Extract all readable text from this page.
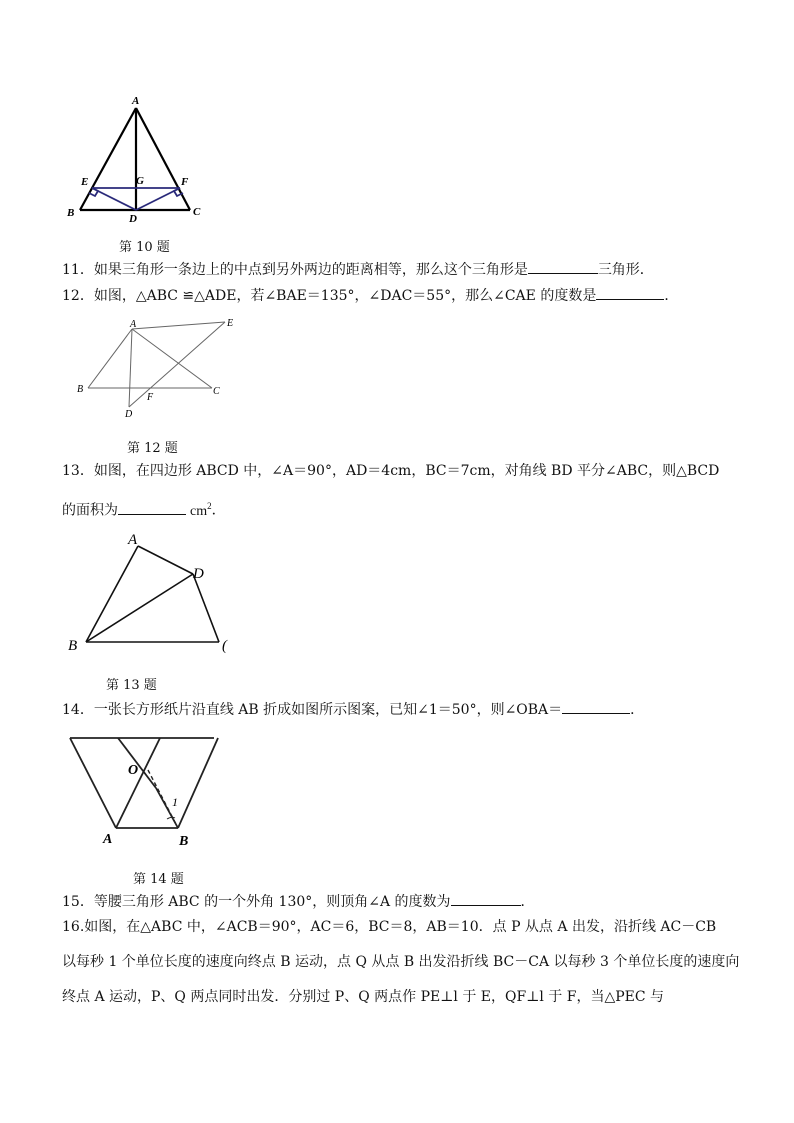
A
E	G	F
B	D
C
第 10 题
11．如果三角形一条边上的中点到另外两边的距离相等，那么这个三角形是	三角形．
12．如图，△ABC ≌△ADE，若∠BAE＝135°，∠DAC＝55°，那么∠CAE 的度数是	．
A	E
B	C
F
D
第 12 题
13．如图，在四边形 ABCD 中，∠A＝90°，AD＝4cm，BC＝7cm，对角线 BD 平分∠ABC，则△BCD
的面积为	$cm^2$．
A
D
B	(
第 13 题
14．一张长方形纸片沿直线 AB 折成如图所示图案，已知∠1＝50°，则∠OBA＝	．
O
1
A	B
第 14 题
15．等腰三角形 ABC 的一个外角 130°，则顶角∠A 的度数为	．
16.如图，在△ABC 中，∠ACB＝90°，AC＝6，BC＝8，AB＝10．点 P 从点 A 出发，沿折线 AC－CB
以每秒 1 个单位长度的速度向终点 B 运动，点 Q 从点 B 出发沿折线 BC－CA 以每秒 3 个单位长度的速度向
终点 A 运动，P、Q 两点同时出发．分别过 P、Q 两点作 PE⊥l 于 E，QF⊥l 于 F，当△PEC 与
